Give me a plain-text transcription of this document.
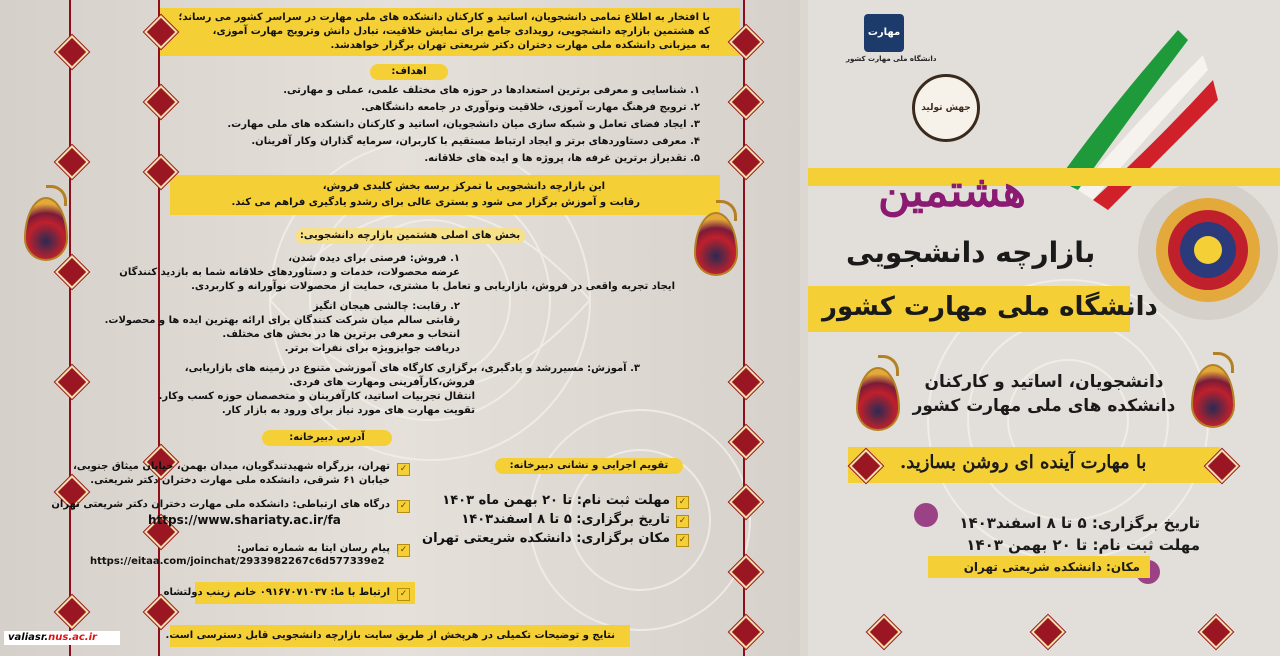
با افتخار به اطلاع تمامی دانشجویان، اساتید و کارکنان دانشکده های ملی مهارت در سراسر کشور می رساند؛
که هشتمین بازارچه دانشجویی، رویدادی جامع برای نمایش خلاقیت، تبادل دانش وترویج مهارت آموزی،
به میزبانی دانشکده ملی مهارت دختران دکتر شریعتی تهران برگزار خواهدشد.
اهداف:
۱. شناسایی و معرفی برترین استعدادها در حوزه های مختلف علمی، عملی و مهارتی.
۲. ترویج فرهنگ مهارت آموزی، خلاقیت ونوآوری در جامعه دانشگاهی.
۳. ایجاد فضای تعامل و شبکه سازی میان دانشجویان، اساتید و کارکنان دانشکده های ملی مهارت.
۴. معرفی دستاوردهای برتر و ایجاد ارتباط مستقیم با کاربران، سرمایه گذاران وکار آفرینان.
۵. تقدیراز برترین غرفه ها، پروژه ها و ایده های خلاقانه.
این بازارچه دانشجویی با تمرکز برسه بخش کلیدی فروش،
رقابت و آموزش برگزار می شود و بستری عالی برای رشدو یادگیری فراهم می کند.
بخش های اصلی هشتمین بازارچه دانشجویی:
۱. فروش: فرصتی برای دیده شدن،
عرضه محصولات، خدمات و دستاوردهای خلاقانه شما به بازدید کنندگان
ایجاد تجربه واقعی در فروش، بازاریابی و تعامل با مشتری، حمایت از محصولات نوآورانه و کاربردی.
۲. رقابت: چالشی هیجان انگیز
رقابتی سالم میان شرکت کنندگان برای ارائه بهترین ایده ها و محصولات.
انتخاب و معرفی برترین ها در بخش های مختلف.
دریافت جوایزویژه برای نفرات برتر.
۳. آموزش: مسیررشد و یادگیری، برگزاری کارگاه های آموزشی متنوع در زمینه های بازاریابی،
فروش،کارآفرینی ومهارت های فردی.
انتقال تجربیات اساتید، کارآفرینان و متخصصان حوزه کسب وکار.
تقویت مهارت های مورد نیاز برای ورود به بازار کار.
آدرس دبیرخانه:
✓
تهران، بزرگراه شهیدتندگویان، میدان بهمن، خیابان میثاق جنوبی،
خیابان ۶۱ شرقی، دانشکده ملی مهارت دختران دکتر شریعتی.
✓
درگاه های ارتباطی: دانشکده ملی مهارت دختران دکتر شریعتی تهران
https://www.shariaty.ac.ir/fa
✓
پیام رسان ایتا به شماره تماس:
https://eitaa.com/joinchat/2933982267c6d577339e2
✓
ارتباط با ما: ۰۹۱۶۷۰۷۱۰۳۷ خانم زینب دولتشاه
تقویم اجرایی و نشانی دبیرخانه:
✓
مهلت ثبت نام: تا ۲۰ بهمن ماه ۱۴۰۳
✓
تاریخ برگزاری: ۵ تا ۸ اسفند۱۴۰۳
✓
مکان برگزاری: دانشکده شریعتی تهران
نتایج و توضیحات تکمیلی در هرپخش از طریق سایت بازارچه دانشجویی قابل دسترسی است.
مهارت
دانشگاه ملی مهارت کشور
جهش تولید
هشتمین
بازارچه دانشجویی
دانشگاه ملی مهارت کشور
دانشجویان، اساتید و کارکنان
دانشکده های ملی مهارت کشور
با مهارت آینده ای روشن بسازید.
تاریخ برگزاری: ۵ تا ۸ اسفند۱۴۰۳
مهلت ثبت نام: تا ۲۰ بهمن ۱۴۰۳
مکان: دانشکده شریعتی تهران
valiasr.nus.ac.ir
